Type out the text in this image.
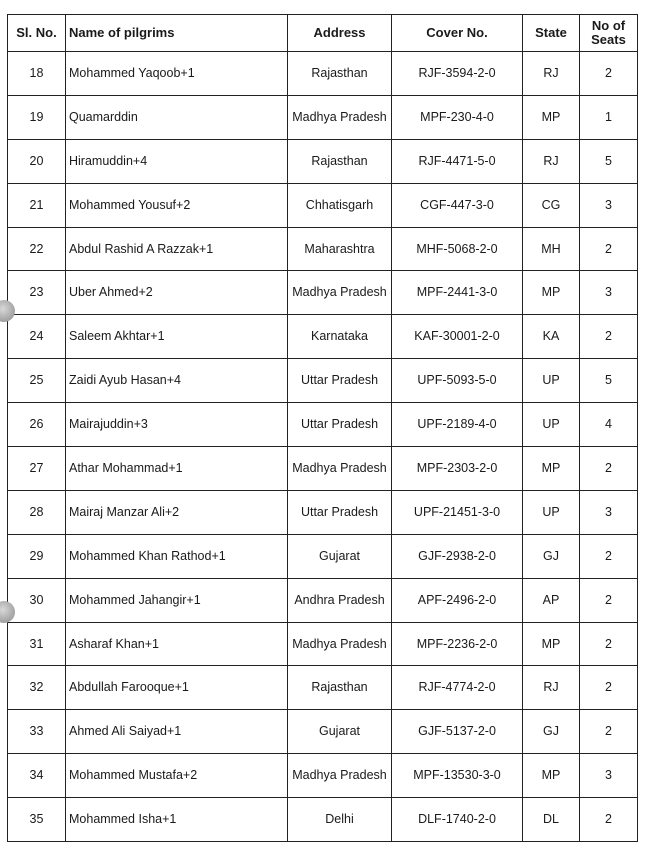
Sl. No.	Name of pilgrims	Address	Cover No.	State	No of Seats
18	Mohammed Yaqoob+1	Rajasthan	RJF-3594-2-0	RJ	2
19	Quamarddin	Madhya Pradesh	MPF-230-4-0	MP	1
20	Hiramuddin+4	Rajasthan	RJF-4471-5-0	RJ	5
21	Mohammed Yousuf+2	Chhatisgarh	CGF-447-3-0	CG	3
22	Abdul Rashid A Razzak+1	Maharashtra	MHF-5068-2-0	MH	2
23	Uber Ahmed+2	Madhya Pradesh	MPF-2441-3-0	MP	3
24	Saleem Akhtar+1	Karnataka	KAF-30001-2-0	KA	2
25	Zaidi Ayub Hasan+4	Uttar Pradesh	UPF-5093-5-0	UP	5
26	Mairajuddin+3	Uttar Pradesh	UPF-2189-4-0	UP	4
27	Athar Mohammad+1	Madhya Pradesh	MPF-2303-2-0	MP	2
28	Mairaj Manzar Ali+2	Uttar Pradesh	UPF-21451-3-0	UP	3
29	Mohammed Khan Rathod+1	Gujarat	GJF-2938-2-0	GJ	2
30	Mohammed Jahangir+1	Andhra Pradesh	APF-2496-2-0	AP	2
31	Asharaf Khan+1	Madhya Pradesh	MPF-2236-2-0	MP	2
32	Abdullah Farooque+1	Rajasthan	RJF-4774-2-0	RJ	2
33	Ahmed Ali Saiyad+1	Gujarat	GJF-5137-2-0	GJ	2
34	Mohammed Mustafa+2	Madhya Pradesh	MPF-13530-3-0	MP	3
35	Mohammed Isha+1	Delhi	DLF-1740-2-0	DL	2
